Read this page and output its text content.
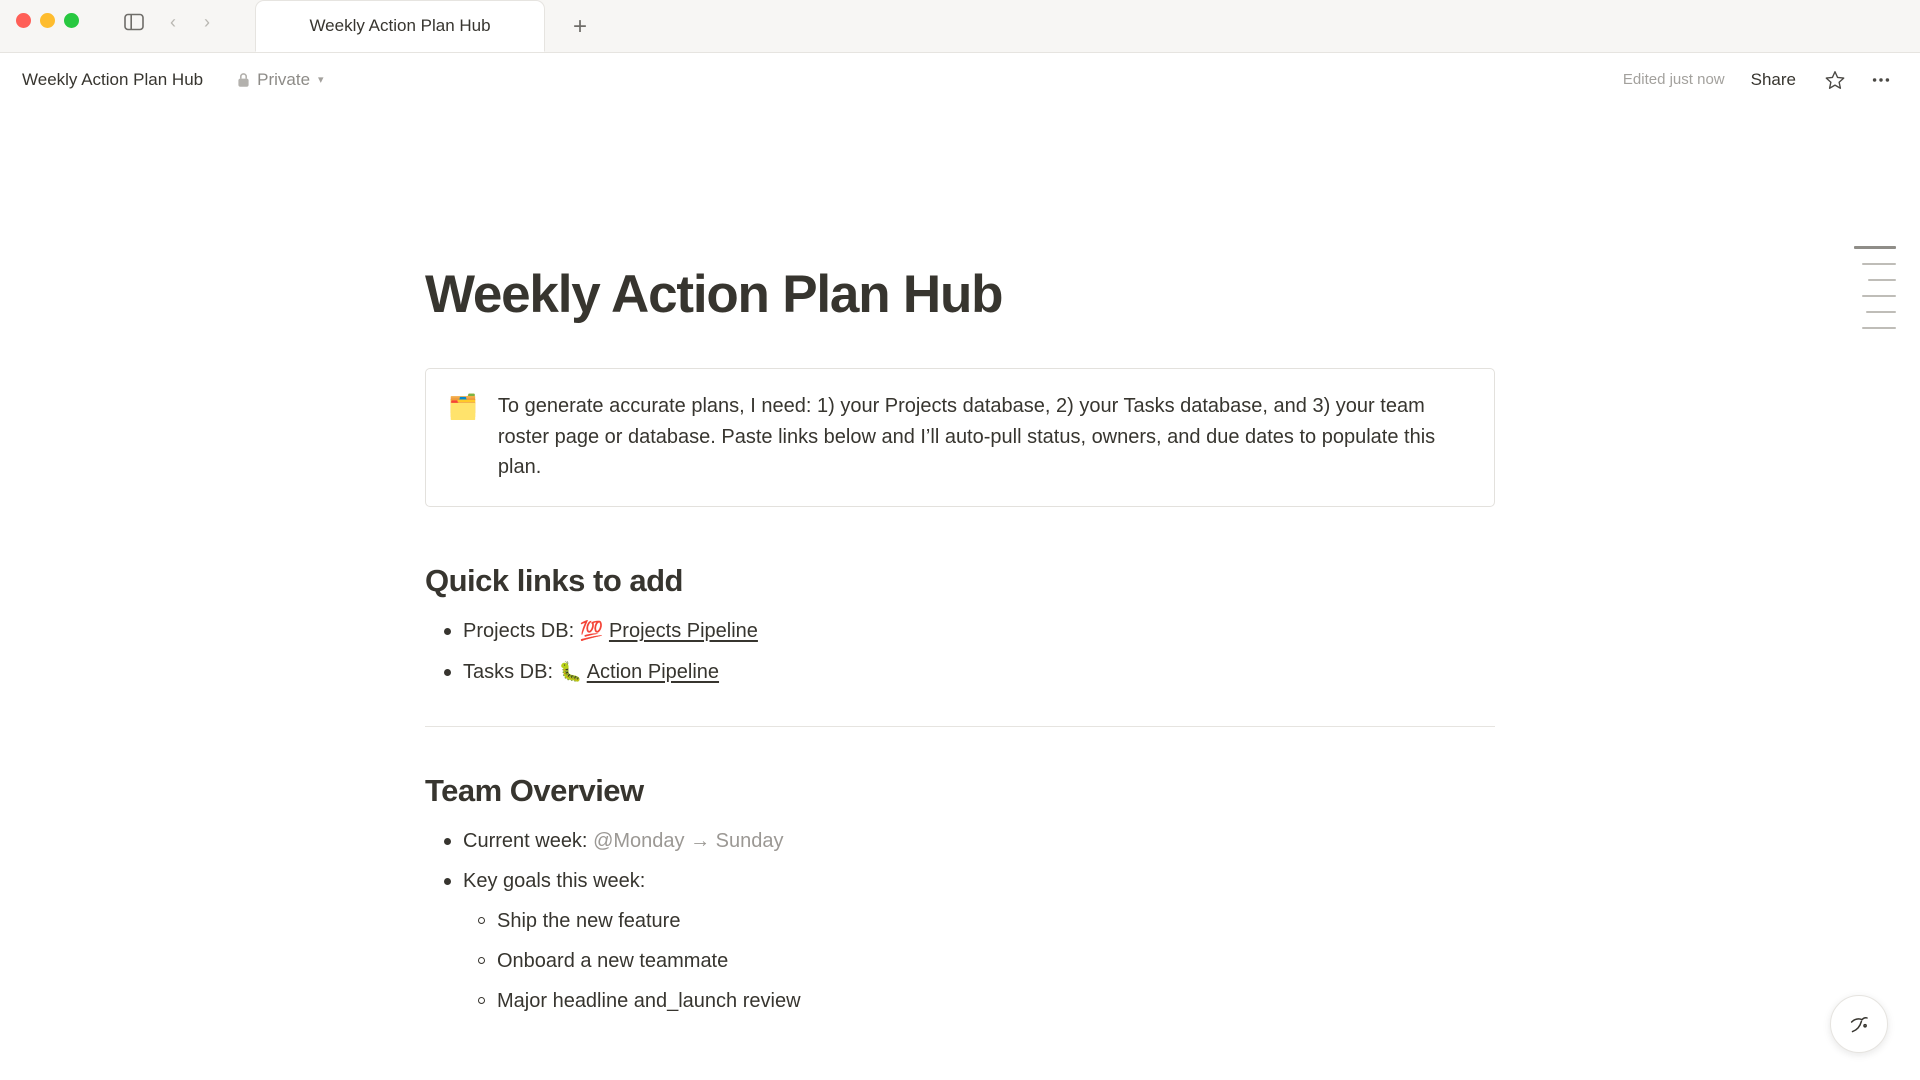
‹	›	Weekly Action Plan Hub	+
Weekly Action Plan Hub	Private ▾	Edited just now	Share
Weekly Action Plan Hub
🗂️ To generate accurate plans, I need: 1) your Projects database, 2) your Tasks database, and 3) your team roster page or database. Paste links below and I’ll auto-pull status, owners, and due dates to populate this plan.
Quick links to add
Projects DB: 💯 Projects Pipeline
Tasks DB: 🐛 Action Pipeline
Team Overview
Current week: @Monday → Sunday
Key goals this week:
Ship the new feature
Onboard a new teammate
Major headline and_launch review
